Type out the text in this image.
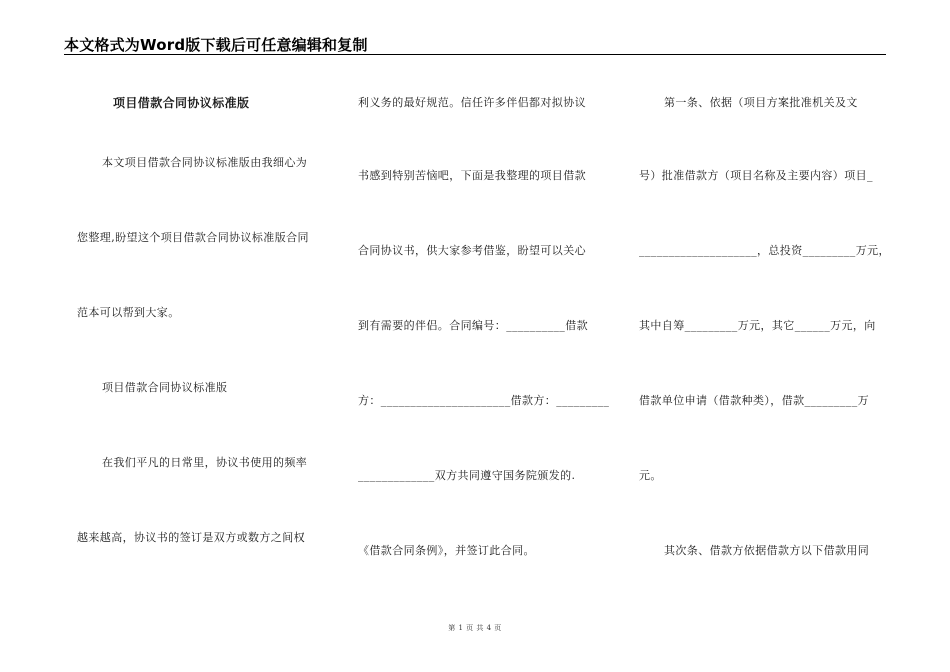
本文格式为Word版下载后可任意编辑和复制
项目借款合同协议标准版
本文项目借款合同协议标准版由我细心为
您整理,盼望这个项目借款合同协议标准版合同
范本可以帮到大家。
项目借款合同协议标准版
在我们平凡的日常里，协议书使用的频率
越来越高，协议书的签订是双方或数方之间权
利义务的最好规范。信任许多伴侣都对拟协议
书感到特别苦恼吧，下面是我整理的项目借款
合同协议书，供大家参考借鉴，盼望可以关心
到有需要的伴侣。合同编号：__________借款
方：______________________借款方：_________
_____________双方共同遵守国务院颁发的.
《借款合同条例》，并签订此合同。
第一条、依据（项目方案批准机关及文
号）批准借款方（项目名称及主要内容）项目_
____________________，总投资_________万元，
其中自筹_________万元，其它______万元，向
借款单位申请（借款种类），借款_________万
元。
其次条、借款方依据借款方以下借款用同
第 1 页 共 4 页
